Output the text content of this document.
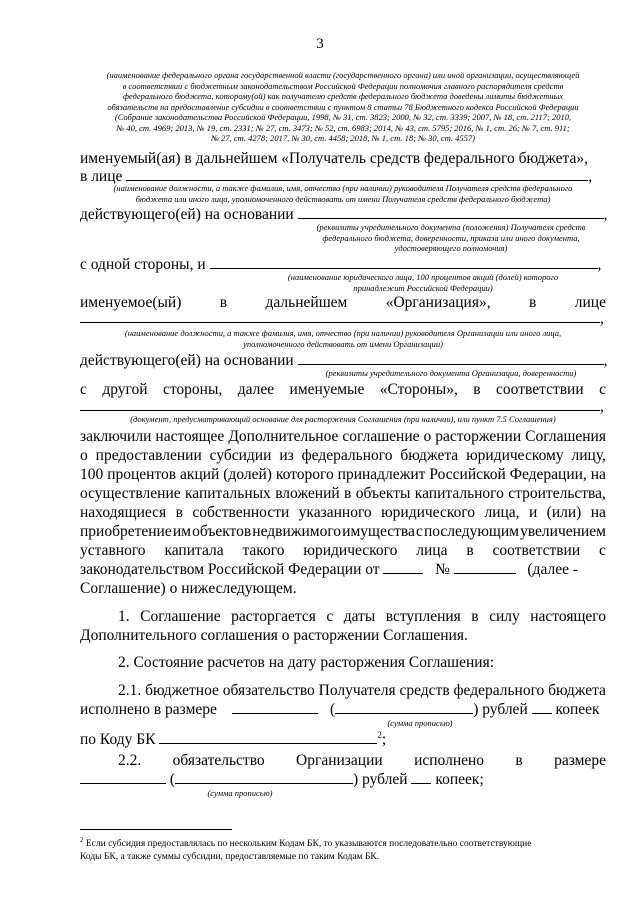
3
(наименование федерального органа государственной власти (государственного органа) или иной организации, осуществляющей
в соответствии с бюджетным законодательством Российской Федерации полномочия главного распорядителя средств
федерального бюджета, которому(ой) как получателю средств федерального бюджета доведены лимиты бюджетных
обязательств на предоставление субсидии в соответствии с пунктом 8 статьи 78 Бюджетного кодекса Российской Федерации
(Собрание законодательства Российской Федерации, 1998, № 31, ст. 3823; 2000, № 32, ст. 3339; 2007, № 18, ст. 2117; 2010,
№ 40, ст. 4969; 2013, № 19, ст. 2331; № 27, ст. 3473; № 52, ст. 6983; 2014, № 43, ст. 5795; 2016, № 1, ст. 26; № 7, ст. 911;
№ 27, ст. 4278; 2017, № 30, ст. 4458; 2018, № 1, ст. 18; № 30, ст. 4557)
именуемый(ая) в дальнейшем «Получатель средств федерального бюджета»,
в лице	,
(наименование должности, а также фамилия, имя, отчество (при наличии) руководителя Получателя средств федерального
бюджета или иного лица, уполномоченного действовать от имени Получателя средств федерального бюджета)
действующего(ей) на основании	,
(реквизиты учредительного документа (положения) Получателя средств
федерального бюджета, доверенности, приказа или иного документа,
удостоверяющего полномочия)
с одной стороны, и	,
(наименование юридического лица, 100 процентов акций (долей) которого
принадлежит Российской Федерации)
именуемое(ый) в дальнейшем «Организация», в лице
,
(наименование должности, а также фамилия, имя, отчество (при наличии) руководителя Организации или иного лица,
уполномоченного действовать от имени Организации)
действующего(ей) на основании	,
(реквизиты учредительного документа Организации, доверенности)
с другой стороны, далее именуемые «Стороны», в соответствии с
,
(документ, предусматривающий основание для расторжения Соглашения (при наличии), или пункт 7.5 Соглашения)
заключили настоящее Дополнительное соглашение о расторжении Соглашения
о предоставлении субсидии из федерального бюджета юридическому лицу,
100 процентов акций (долей) которого принадлежит Российской Федерации, на
осуществление капитальных вложений в объекты капитального строительства,
находящиеся в собственности указанного юридического лица, и (или) на
приобретение им объектов недвижимого имущества с последующим увеличением
уставного капитала такого юридического лица в соответствии с
законодательством Российской Федерации от	№	(далее -
Соглашение) о нижеследующем.
1. Соглашение расторгается с даты вступления в силу настоящего
Дополнительного соглашения о расторжении Соглашения.
2. Состояние расчетов на дату расторжения Соглашения:
2.1. бюджетное обязательство Получателя средств федерального бюджета
исполнено в размере	(	) рублей копеек
(сумма прописью)
по Коду БК	$^2$;
2.2. обязательство Организации исполнено в размере
(	) рублей копеек;
(сумма прописью)
$^2$ Если субсидия предоставлялась по нескольким Кодам БК, то указываются последовательно соответствующие
Коды БК, а также суммы субсидии, предоставляемые по таким Кодам БК.
